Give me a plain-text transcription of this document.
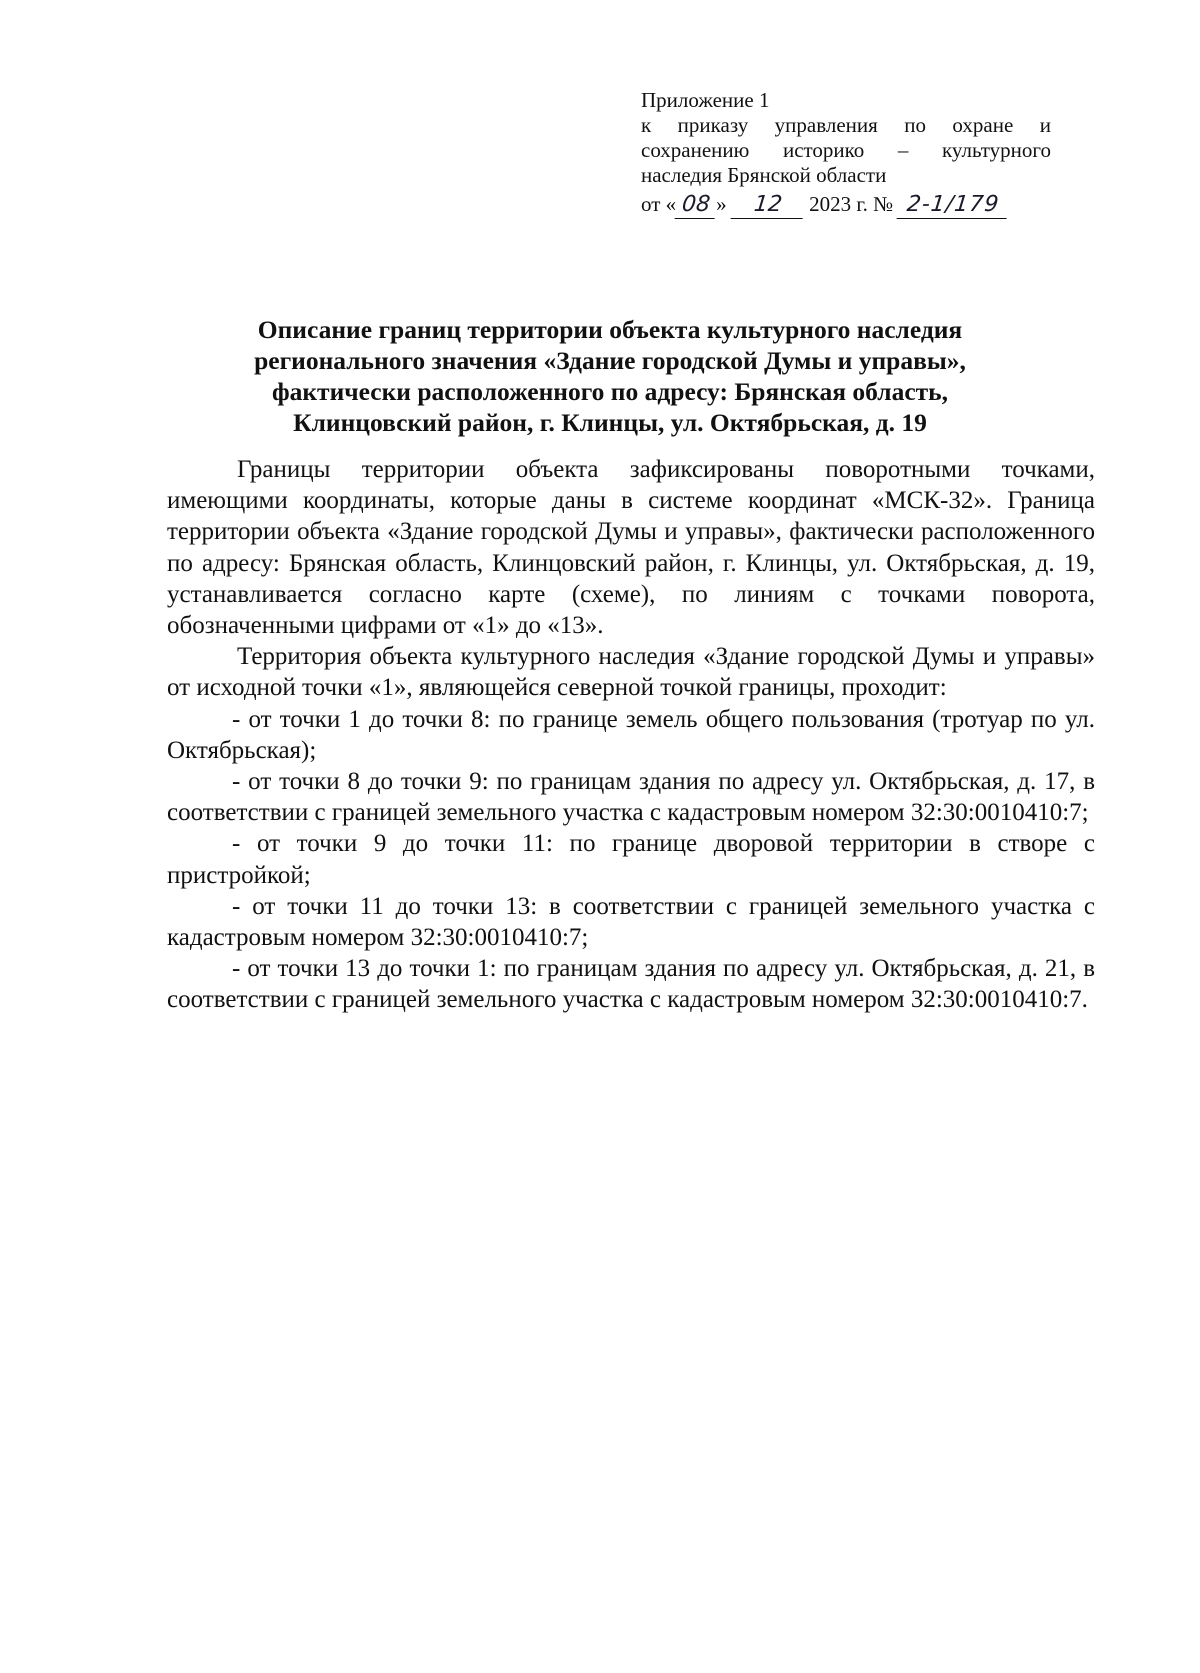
Приложение 1
к приказу управления по охране и
сохранению историко – культурного
наследия Брянской области
от « 08 » 12 2023 г. № 2-1/179
Описание границ территории объекта культурного наследия
регионального значения «Здание городской Думы и управы»,
фактически расположенного по адресу: Брянская область,
Клинцовский район, г. Клинцы, ул. Октябрьская, д. 19

Границы территории объекта зафиксированы поворотными точками, имеющими координаты, которые даны в системе координат «МСК-32». Граница территории объекта «Здание городской Думы и управы», фактически расположенного по адресу: Брянская область, Клинцовский район, г. Клинцы, ул. Октябрьская, д. 19, устанавливается согласно карте (схеме), по линиям с точками поворота, обозначенными цифрами от «1» до «13».

Территория объекта культурного наследия «Здание городской Думы и управы» от исходной точки «1», являющейся северной точкой границы, проходит:

- от точки 1 до точки 8: по границе земель общего пользования (тротуар по ул. Октябрьская);

- от точки 8 до точки 9: по границам здания по адресу ул. Октябрьская, д. 17, в соответствии с границей земельного участка с кадастровым номером 32:30:0010410:7;

- от точки 9 до точки 11: по границе дворовой территории в створе с пристройкой;

- от точки 11 до точки 13: в соответствии с границей земельного участка с кадастровым номером 32:30:0010410:7;

- от точки 13 до точки 1: по границам здания по адресу ул. Октябрьская, д. 21, в соответствии с границей земельного участка с кадастровым номером 32:30:0010410:7.
